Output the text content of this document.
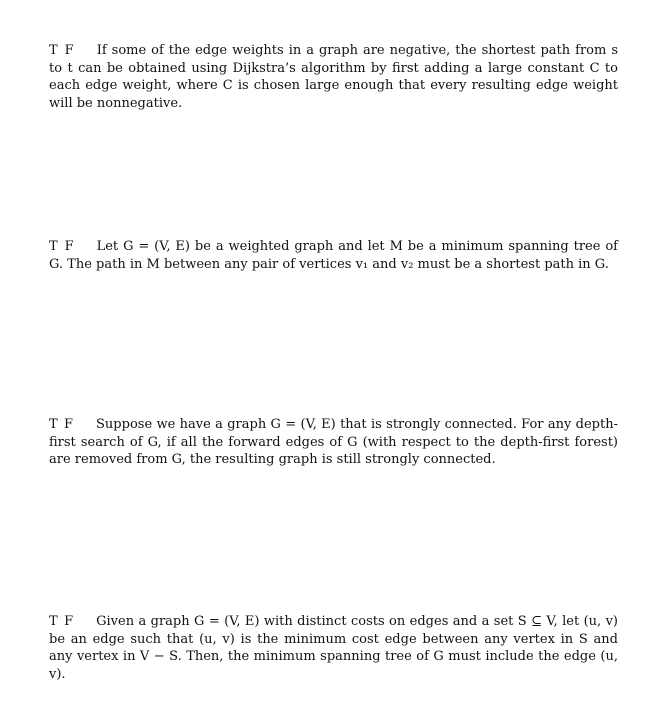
T F If some of the edge weights in a graph are negative, the shortest path from s to t can be obtained using Dijkstra’s algorithm by first adding a large constant C to each edge weight, where C is chosen large enough that every resulting edge weight will be nonnegative.

T F Let G = (V, E) be a weighted graph and let M be a minimum spanning tree of G. The path in M between any pair of vertices v₁ and v₂ must be a shortest path in G.

T F Suppose we have a graph G = (V, E) that is strongly connected. For any depth-first search of G, if all the forward edges of G (with respect to the depth-first forest) are removed from G, the resulting graph is still strongly connected.

T F Given a graph G = (V, E) with distinct costs on edges and a set S ⊆ V, let (u, v) be an edge such that (u, v) is the minimum cost edge between any vertex in S and any vertex in V − S. Then, the minimum spanning tree of G must include the edge (u, v).
